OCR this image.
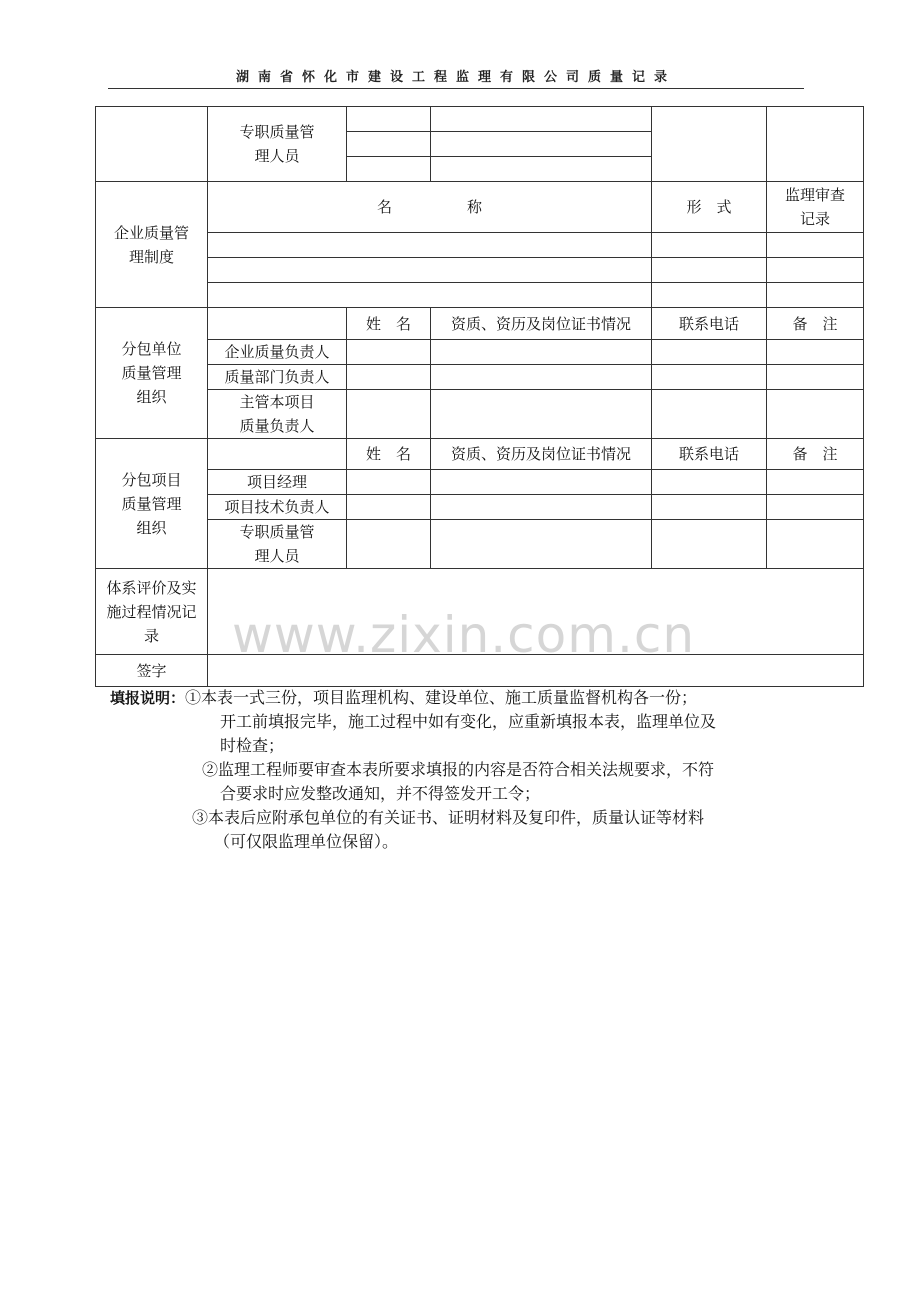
湖南省怀化市建设工程监理有限公司质量记录

	专职质量管理人员				

企业质量管理制度	名　　　　　称			形　式	监理审查记录

分包单位质量管理组织		姓　名	资质、资历及岗位证书情况	联系电话	备　注
	企业质量负责人				
	质量部门负责人				

	主管本项目质量负责人				

分包项目质量管理组织		姓　名	资质、资历及岗位证书情况	联系电话	备　注
	项目经理				
	项目技术负责人				

	专职质量管理人员				

体系评价及实施过程情况记录					

签字					
www.zixin.com.cn
填报说明：①本表一式三份，项目监理机构、建设单位、施工质量监督机构各一份；
开工前填报完毕，施工过程中如有变化，应重新填报本表，监理单位及
时检查；
②监理工程师要审查本表所要求填报的内容是否符合相关法规要求，不符
合要求时应发整改通知，并不得签发开工令；
③本表后应附承包单位的有关证书、证明材料及复印件，质量认证等材料
（可仅限监理单位保留）。
